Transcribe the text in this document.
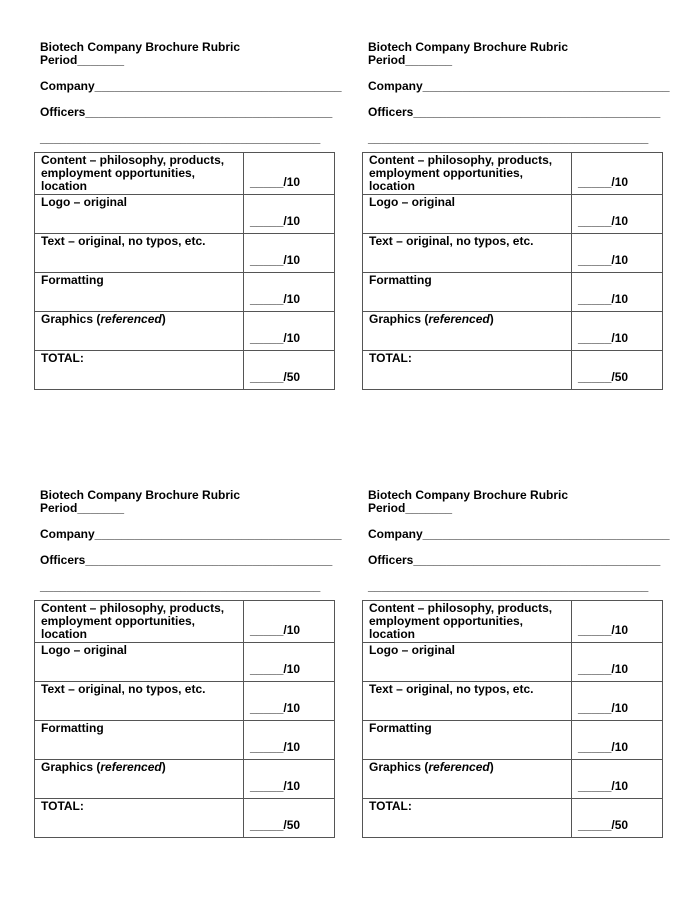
Biotech Company Brochure Rubric
Period_______
Company_____________________________________
Officers_____________________________________
__________________________________________
Content – philosophy, products, employment opportunities, location	_____/10
Logo – original	_____/10
Text – original, no typos, etc.	_____/10
Formatting	_____/10
Graphics (referenced)	_____/10
TOTAL:	_____/50
Biotech Company Brochure Rubric
Period_______
Company_____________________________________
Officers_____________________________________
__________________________________________
Content – philosophy, products, employment opportunities, location	_____/10
Logo – original	_____/10
Text – original, no typos, etc.	_____/10
Formatting	_____/10
Graphics (referenced)	_____/10
TOTAL:	_____/50
Biotech Company Brochure Rubric
Period_______
Company_____________________________________
Officers_____________________________________
__________________________________________
Content – philosophy, products, employment opportunities, location	_____/10
Logo – original	_____/10
Text – original, no typos, etc.	_____/10
Formatting	_____/10
Graphics (referenced)	_____/10
TOTAL:	_____/50
Biotech Company Brochure Rubric
Period_______
Company_____________________________________
Officers_____________________________________
__________________________________________
Content – philosophy, products, employment opportunities, location	_____/10
Logo – original	_____/10
Text – original, no typos, etc.	_____/10
Formatting	_____/10
Graphics (referenced)	_____/10
TOTAL:	_____/50
